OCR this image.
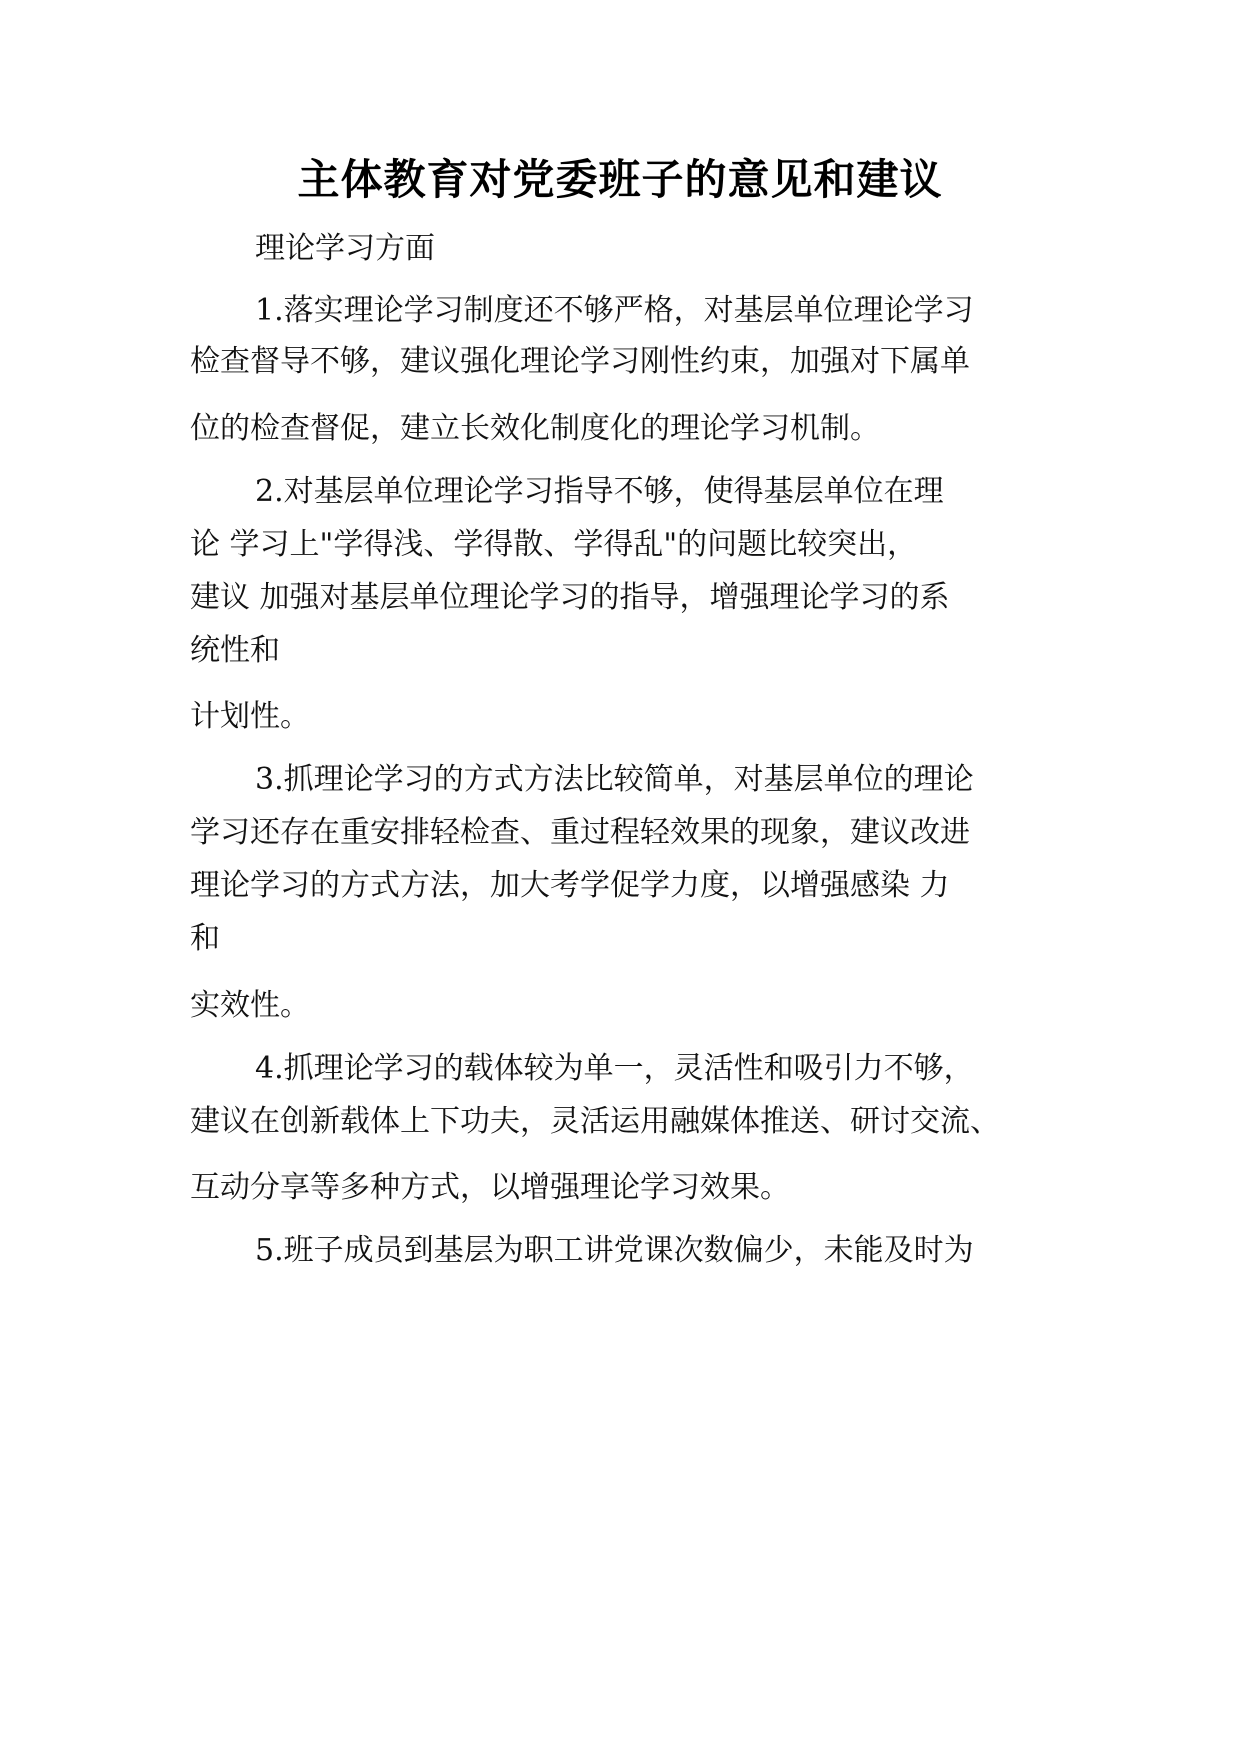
主体教育对党委班子的意见和建议

理论学习方面

1.落实理论学习制度还不够严格，对基层单位理论学习

检查督导不够，建议强化理论学习刚性约束，加强对下属单

位的检查督促，建立长效化制度化的理论学习机制。

2.对基层单位理论学习指导不够，使得基层单位在理

论 学习上"学得浅、学得散、学得乱"的问题比较突出，

建议 加强对基层单位理论学习的指导，增强理论学习的系

统性和

计划性。

3.抓理论学习的方式方法比较简单，对基层单位的理论

学习还存在重安排轻检查、重过程轻效果的现象，建议改进

理论学习的方式方法，加大考学促学力度，以增强感染 力

和

实效性。

4.抓理论学习的载体较为单一，灵活性和吸引力不够，

建议在创新载体上下功夫，灵活运用融媒体推送、研讨交流、

互动分享等多种方式，以增强理论学习效果。

5.班子成员到基层为职工讲党课次数偏少，未能及时为
